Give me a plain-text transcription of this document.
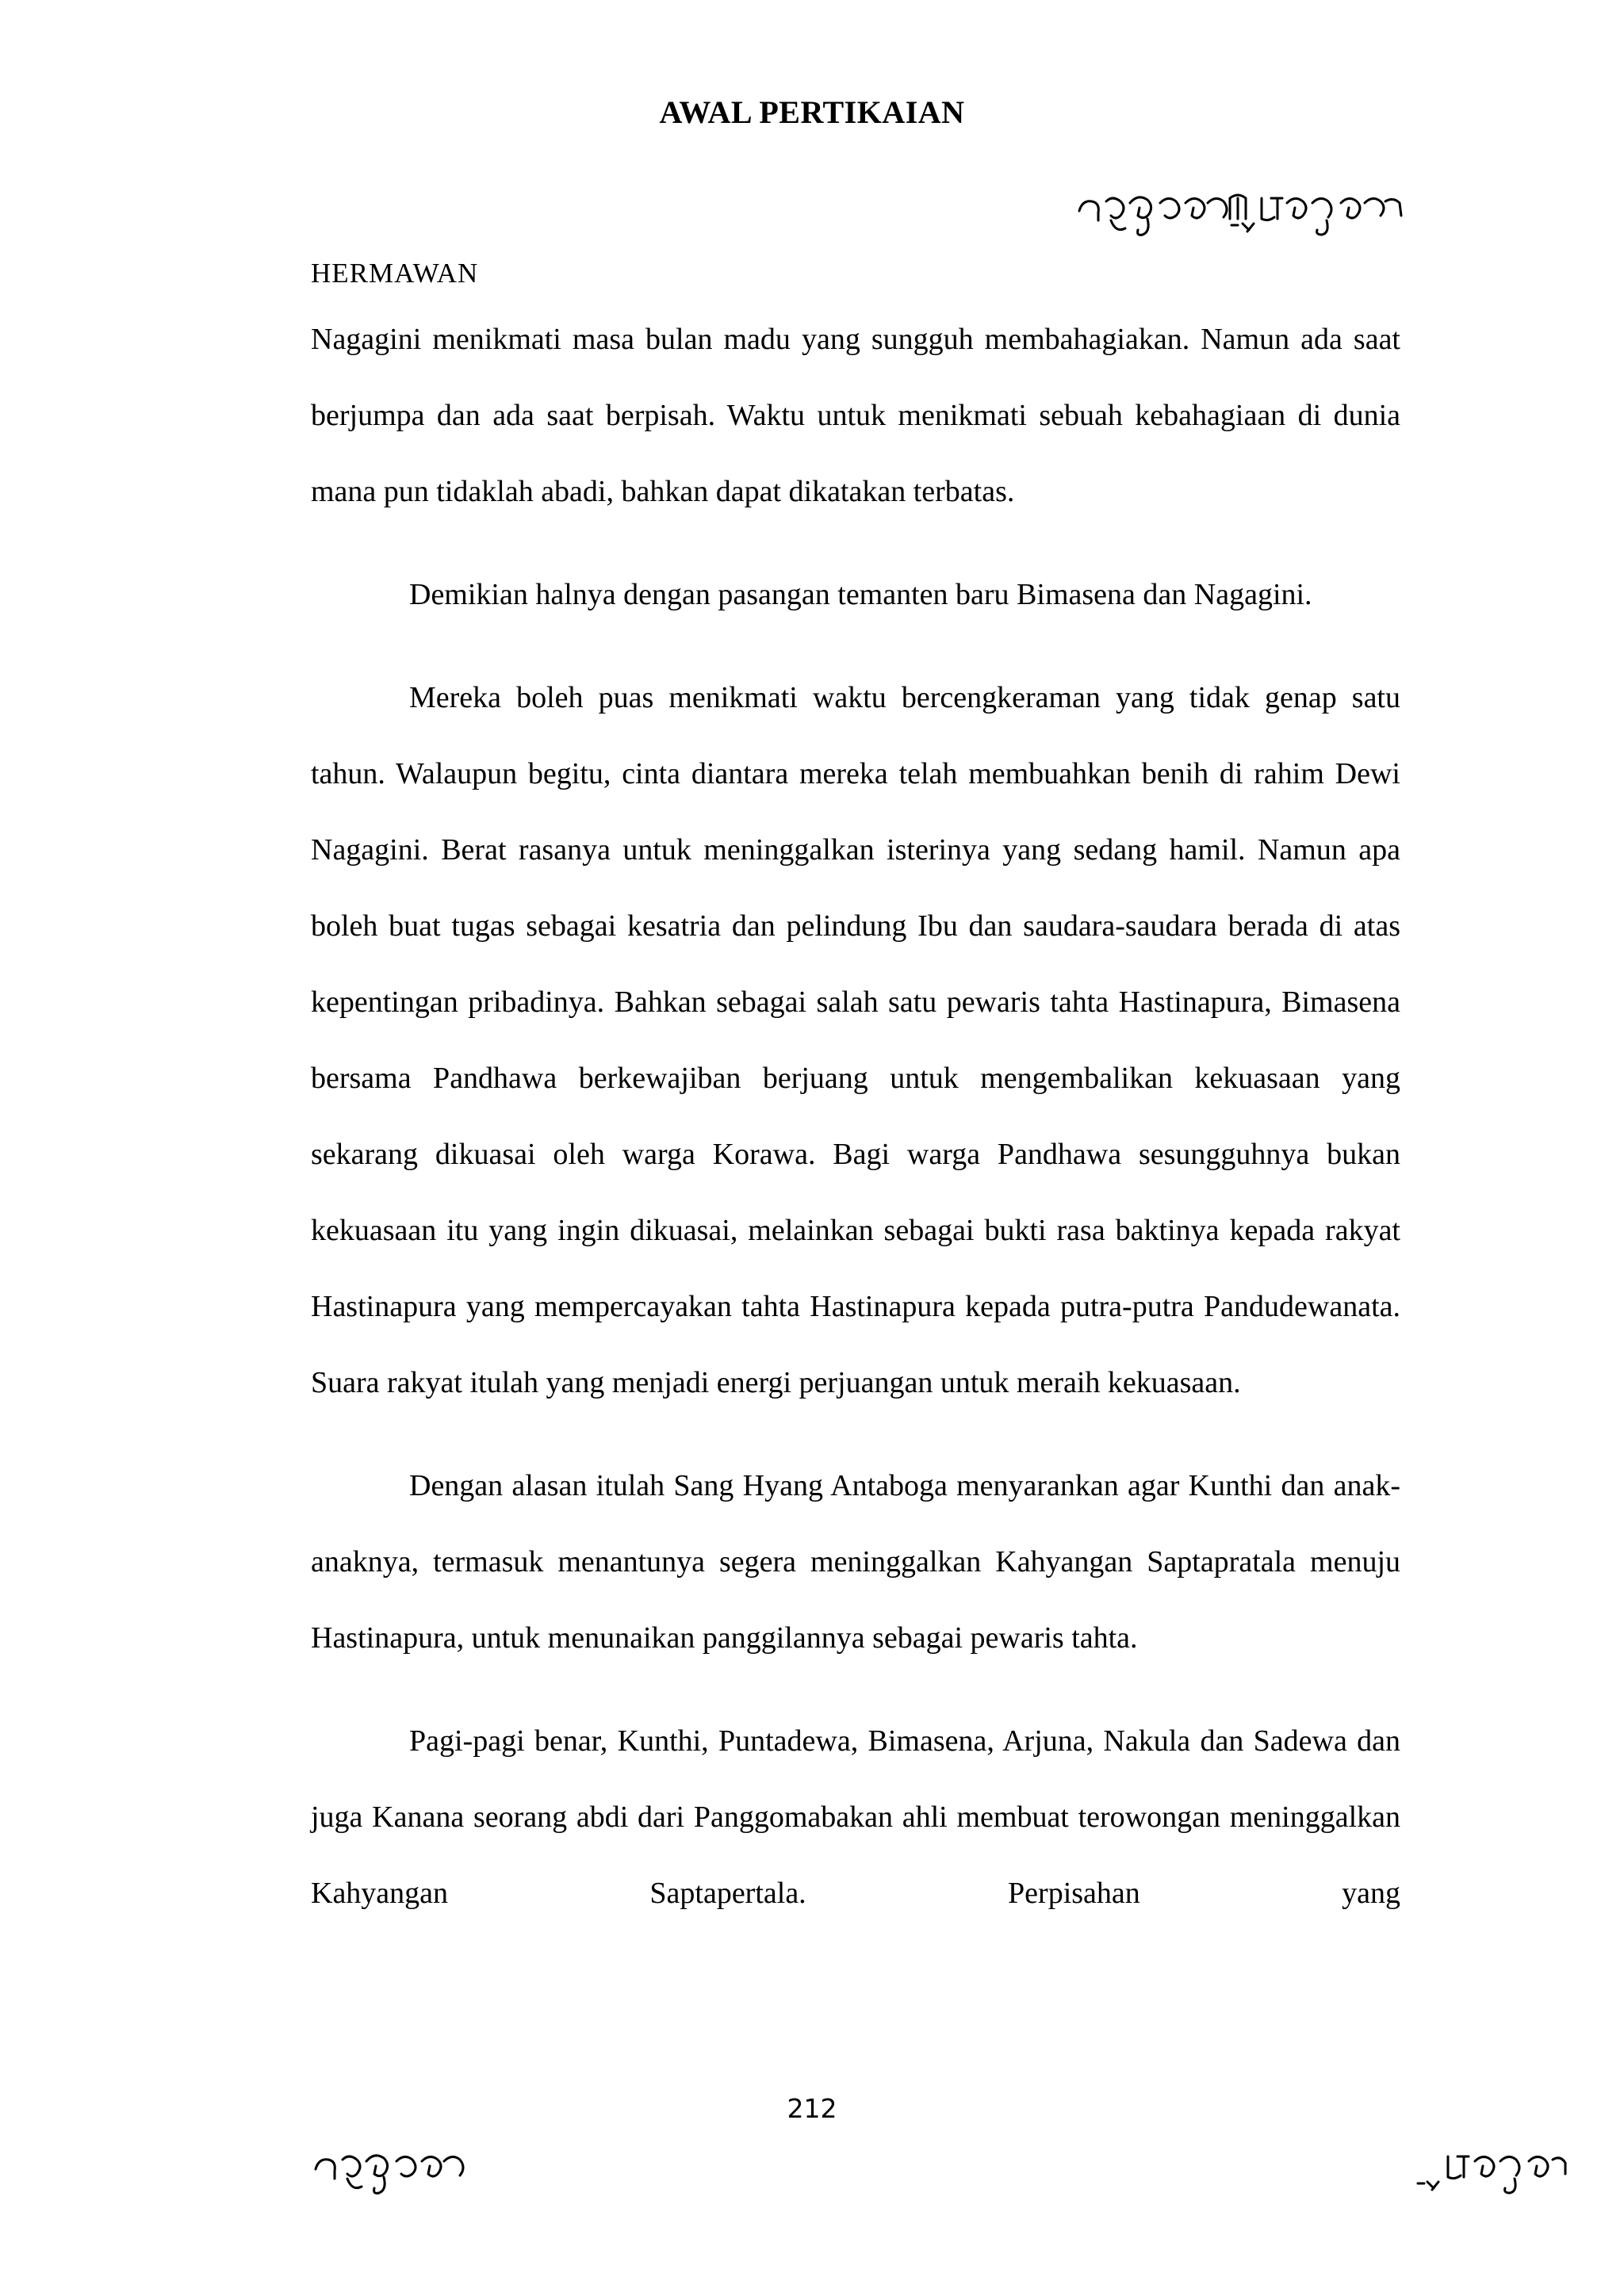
AWAL PERTIKAIAN
HERMAWAN

Nagagini menikmati masa bulan madu yang sungguh membahagiakan. Namun ada saat berjumpa dan ada saat berpisah. Waktu untuk menikmati sebuah kebahagiaan di dunia mana pun tidaklah abadi, bahkan dapat dikatakan terbatas.

Demikian halnya dengan pasangan temanten baru Bimasena dan Nagagini.

Mereka boleh puas menikmati waktu bercengkeraman yang tidak genap satu tahun. Walaupun begitu, cinta diantara mereka telah membuahkan benih di rahim Dewi Nagagini. Berat rasanya untuk meninggalkan isterinya yang sedang hamil. Namun apa boleh buat tugas sebagai kesatria dan pelindung Ibu dan saudara-saudara berada di atas kepentingan pribadinya. Bahkan sebagai salah satu pewaris tahta Hastinapura, Bimasena bersama Pandhawa berkewajiban berjuang untuk mengembalikan kekuasaan yang sekarang dikuasai oleh warga Korawa. Bagi warga Pandhawa sesungguhnya bukan kekuasaan itu yang ingin dikuasai, melainkan sebagai bukti rasa baktinya kepada rakyat Hastinapura yang mempercayakan tahta Hastinapura kepada putra-putra Pandudewanata. Suara rakyat itulah yang menjadi energi perjuangan untuk meraih kekuasaan.

Dengan alasan itulah Sang Hyang Antaboga menyarankan agar Kunthi dan anak-anaknya, termasuk menantunya segera meninggalkan Kahyangan Saptapratala menuju Hastinapura, untuk menunaikan panggilannya sebagai pewaris tahta.

Pagi-pagi benar, Kunthi, Puntadewa, Bimasena, Arjuna, Nakula dan Sadewa dan juga Kanana seorang abdi dari Panggomabakan ahli membuat terowongan meninggalkan Kahyangan Saptapertala. Perpisahan yang

212
